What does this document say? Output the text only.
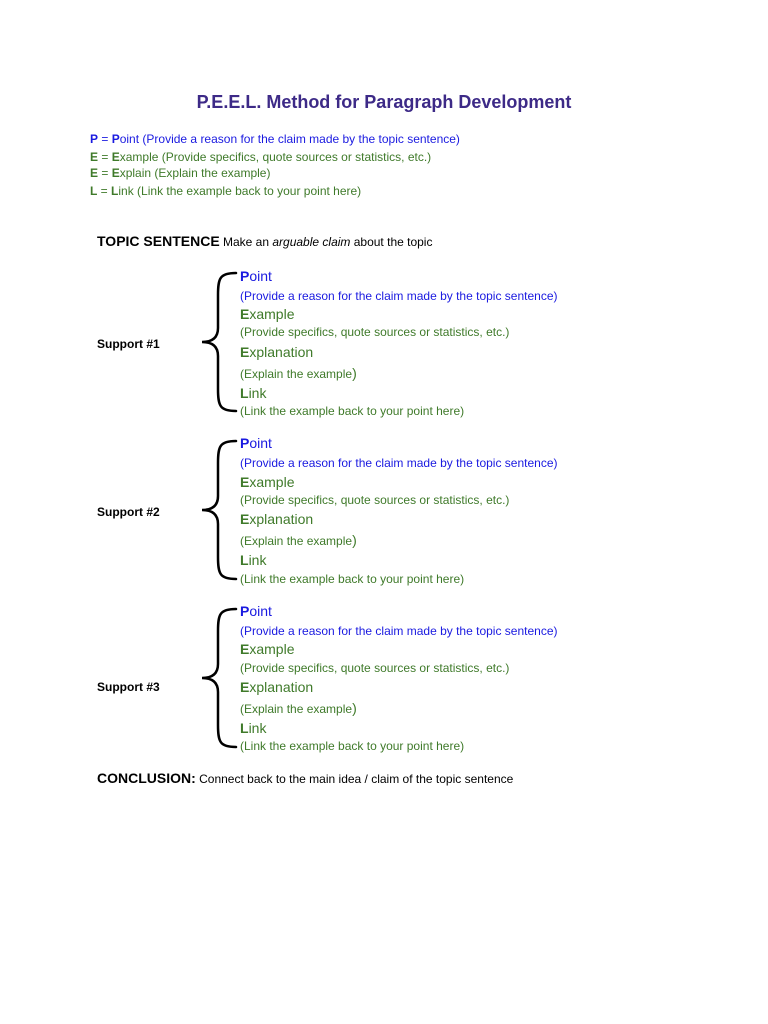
P.E.E.L. Method for Paragraph Development
P = Point (Provide a reason for the claim made by the topic sentence)
E = Example (Provide specifics, quote sources or statistics, etc.)
E = Explain (Explain the example)
L = Link (Link the example back to your point here)
TOPIC SENTENCE Make an arguable claim about the topic
Support #1
Point
(Provide a reason for the claim made by the topic sentence)
Example
(Provide specifics, quote sources or statistics, etc.)
Explanation
(Explain the example)
Link
(Link the example back to your point here)
Support #2
Point
(Provide a reason for the claim made by the topic sentence)
Example
(Provide specifics, quote sources or statistics, etc.)
Explanation
(Explain the example)
Link
(Link the example back to your point here)
Support #3
Point
(Provide a reason for the claim made by the topic sentence)
Example
(Provide specifics, quote sources or statistics, etc.)
Explanation
(Explain the example)
Link
(Link the example back to your point here)
CONCLUSION: Connect back to the main idea / claim of the topic sentence
